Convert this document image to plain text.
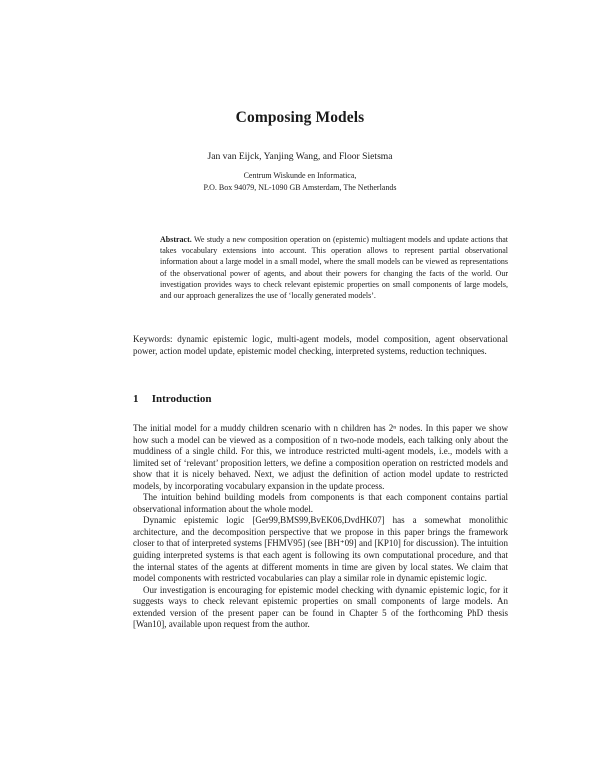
Composing Models
Jan van Eijck, Yanjing Wang, and Floor Sietsma
Centrum Wiskunde en Informatica,
P.O. Box 94079, NL-1090 GB Amsterdam, The Netherlands
Abstract. We study a new composition operation on (epistemic) multiagent models and update actions that takes vocabulary extensions into account. This operation allows to represent partial observational information about a large model in a small model, where the small models can be viewed as representations of the observational power of agents, and about their powers for changing the facts of the world. Our investigation provides ways to check relevant epistemic properties on small components of large models, and our approach generalizes the use of ‘locally generated models’.
Keywords: dynamic epistemic logic, multi-agent models, model composition, agent observational power, action model update, epistemic model checking, interpreted systems, reduction techniques.
1 Introduction

The initial model for a muddy children scenario with n children has 2ⁿ nodes. In this paper we show how such a model can be viewed as a composition of n two-node models, each talking only about the muddiness of a single child. For this, we introduce restricted multi-agent models, i.e., models with a limited set of ‘relevant’ proposition letters, we define a composition operation on restricted models and show that it is nicely behaved. Next, we adjust the definition of action model update to restricted models, by incorporating vocabulary expansion in the update process.

The intuition behind building models from components is that each component contains partial observational information about the whole model.

Dynamic epistemic logic [Ger99,BMS99,BvEK06,DvdHK07] has a somewhat monolithic architecture, and the decomposition perspective that we propose in this paper brings the framework closer to that of interpreted systems [FHMV95] (see [BH⁺09] and [KP10] for discussion). The intuition guiding interpreted systems is that each agent is following its own computational procedure, and that the internal states of the agents at different moments in time are given by local states. We claim that model components with restricted vocabularies can play a similar role in dynamic epistemic logic.

Our investigation is encouraging for epistemic model checking with dynamic epistemic logic, for it suggests ways to check relevant epistemic properties on small components of large models. An extended version of the present paper can be found in Chapter 5 of the forthcoming PhD thesis [Wan10], available upon request from the author.
